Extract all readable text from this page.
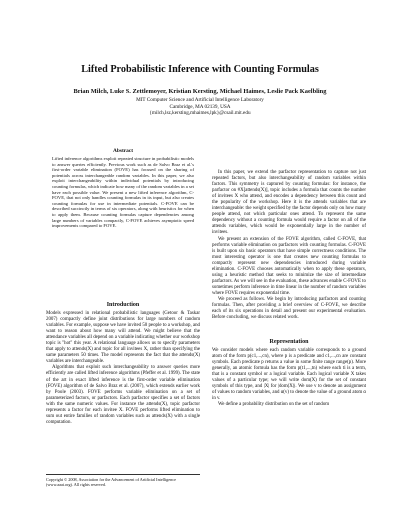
Lifted Probabilistic Inference with Counting Formulas
Brian Milch, Luke S. Zettlemoyer, Kristian Kersting, Michael Haimes, Leslie Pack Kaelbling
MIT Computer Science and Artificial Intelligence Laboratory
Cambridge, MA 02139, USA
{milch,lsz,kersting,mhaimes,lpk}@csail.mit.edu
Abstract
Lifted inference algorithms exploit repeated structure in probabilistic models to answer queries efficiently. Previous work such as de Salvo Braz et al.'s first-order variable elimination (FOVE) has focused on the sharing of potentials across interchangeable random variables. In this paper, we also exploit interchangeability within individual potentials by introducing counting formulas, which indicate how many of the random variables in a set have each possible value. We present a new lifted inference algorithm, C-FOVE, that not only handles counting formulas in its input, but also creates counting formulas for use in intermediate potentials. C-FOVE can be described succinctly in terms of six operators, along with heuristics for when to apply them. Because counting formulas capture dependencies among large numbers of variables compactly, C-FOVE achieves asymptotic speed improvements compared to FOVE.
Introduction

Models expressed in relational probabilistic languages (Getoor & Taskar 2007) compactly define joint distributions for large numbers of random variables. For example, suppose we have invited 50 people to a workshop, and want to reason about how many will attend. We might believe that the attendance variables all depend on a variable indicating whether our workshop topic is "hot" this year. A relational language allows us to specify parameters that apply to attends(X) and topic for all invitees X, rather than specifying the same parameters 50 times. The model represents the fact that the attends(X) variables are interchangeable.

Algorithms that exploit such interchangeability to answer queries more efficiently are called lifted inference algorithms (Pfeffer et al. 1999). The state of the art in exact lifted inference is the first-order variable elimination (FOVE) algorithm of de Salvo Braz et al. (2007), which extends earlier work by Poole (2003). FOVE performs variable elimination on a set of parameterized factors, or parfactors. Each parfactor specifies a set of factors with the same numeric values. For instance the attends(X), topic parfactor represents a factor for each invitee X. FOVE performs lifted elimination to sum out entire families of random variables such as attends(X) with a single computation.

Copyright © 2008, Association for the Advancement of Artificial Intelligence (www.aaai.org). All rights reserved.

In this paper, we extend the parfactor representation to capture not just repeated factors, but also interchangeability of random variables within factors. This symmetry is captured by counting formulas: for instance, the parfactor on #X[attends(X)], topic includes a formula that counts the number of invitees X who attend, and encodes a dependency between this count and the popularity of the workshop. Here it is the attends variables that are interchangeable: the weight specified by the factor depends only on how many people attend, not which particular ones attend. To represent the same dependency without a counting formula would require a factor on all of the attends variables, which would be exponentially large in the number of invitees.

We present an extension of the FOVE algorithm, called C-FOVE, that performs variable elimination on parfactors with counting formulas. C-FOVE is built upon six basic operators that have simple correctness conditions. The most interesting operator is one that creates new counting formulas to compactly represent new dependencies introduced during variable elimination. C-FOVE chooses automatically when to apply these operators, using a heuristic method that seeks to minimize the size of intermediate parfactors. As we will see in the evaluation, these advances enable C-FOVE to sometimes perform inference in time linear in the number of random variables where FOVE requires exponential time.

We proceed as follows. We begin by introducing parfactors and counting formulas. Then, after providing a brief overview of C-FOVE, we describe each of its six operations in detail and present our experimental evaluation. Before concluding, we discuss related work.

Representation

We consider models where each random variable corresponds to a ground atom of the form p(c1,...,cn), where p is a predicate and c1,...,cn are constant symbols. Each predicate p returns a value in some finite range range(p). More generally, an atomic formula has the form p(t1,...,tn) where each ti is a term, that is a constant symbol or a logical variable. Each logical variable X takes values of a particular type; we will write dom(X) for the set of constant symbols of this type, and |X| for |dom(X)|. We use v to denote an assignment of values to random variables, and α(v) to denote the value of a ground atom α in v.

We define a probability distribution on the set of random
